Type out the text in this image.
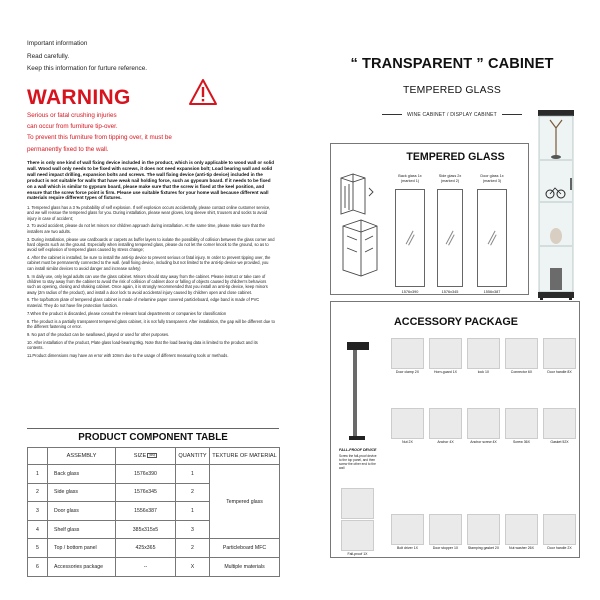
Important information
Read carefully.
Keep this information for furture reference.
WARNING
Serious or fatal crushing injuries
can occur from furniture tip-over.
To prevent this furniture from tipping over, it must be
permanently fixed to the wall.
There is only one kind of wall fixing device included in the product, which is only applicable to wood wall or solid wall. Wood wall only needs to be fixed with screws, it does not need expansion bolt; Load bearing wall and solid wall need impact drilling, expansion bolts and screws. The wall fixing device (anti-tip device) included in the product is not suitable for walls that have weak nail holding force, such as gypsum board. If it needs to be fixed on a wall which is similar to gypsum board, please make sure that the screw is fixed at the keel position, and ensure that the screw force point is firm. Please use suitable fixtures for your home wall because different wall materials require different types of fixtures.

1. Tempered glass has a 3 ‰ probability of self explosion. If self explosion occurs accidentally, please contact online customer service, and we will reissue the tempered glass for you. During installation, please wear gloves, long sleeve shirt, trousers and socks to avoid injury in case of accident;

2. To avoid accident, please do not let minors nor children approach during installation. At the same time, please make sure that the installers are two adults.

3. During installation, please use cardboards or carpets as buffer layers to isolate the possibility of collision between the glass corner and hard objects such as the ground. Especially when installing tempered glass, please do not let the corner knock to the ground, so as to avoid self explosion of tempered glass caused by stress change;

4. After the cabinet is installed, be sure to install the anti-tip device to prevent serious or fatal injury. In order to prevent tipping over, the cabinet must be permanently connected to the wall. (wall fixing device, including but not limited to the anti-tip device we provided, you can install similar devices to avoid danger and increase safety)

5. In daily use, only legal adults can use the glass cabinet. Minors should stay away from the cabinet. Please instruct or take care of children to stay away from the cabinet to avoid the risk of collision of cabinet door or falling of objects caused by children's behaviors such as opening, closing and shaking cabinet. Once again, it is strongly recommended that you install an anti-tip device, keep minors away (2m radius of the product), and install a door lock to avoid accidental injury caused by children open and close cabinet.

6. The top/bottom plate of tempered glass cabinet is made of melamine paper covered particleboard, edge band is made of PVC material. They do not have fire protection function.

7.When the product is discarded, please consult the relevant local departments or companies for classification

8. The product is a partially transparent tempered glass cabinet, it is not fully transparent. After installation, the gap will be different due to the different fastening or error.

9. No part of the product can be swallowed, played or used for other purposes.

10. After installation of the product, Plate glass load-bearing:8kg. Note that the load bearing data is limited to the product and its contents.

11.Product dimensions may have an error with 10mm due to the usage of different measuring tools or methods.

PRODUCT COMPONENT TABLE
	ASSEMBLY	SIZE (MM)	QUANTITY	TEXTURE OF MATERIAL
1	Back glass	1576x390	1	Tempered glass
2	Side glass	1576x345	2	
3	Door glass	1556x387	1	
4	Shelf glass	385x315x5	3	
5	Top / bottom panel	425x365	2	Particleboard MFC
6	Accessories package	--	X	Multiple materials
“ TRANSPARENT ” CABINET
TEMPERED GLASS
WINE CABINET / DISPLAY CABINET
TEMPERED GLASS
Back glass 1x
(marked 1)
1576x390
Side glass 2x
(marked 2)
1576x345
Door glass 1x
(marked 3)
1556x387
ACCESSORY PACKAGE
FALL-PROOF DEVICE
Screw the fall-proof device to the top panel, and then screw the other end to the wall
Fall-proof 1X
Door clamp 2X	Horn-guard 1X	lock 1X	Connector 6X	Door handle 8X
Nut 2X	Anchor 4X	Anchor screw 4X	Screw 36X	Gasket 52X
Bolt driver 1X	Door stopper 1X	Stamping gasket 2X	Nut washer 26X	Door handle 2X
